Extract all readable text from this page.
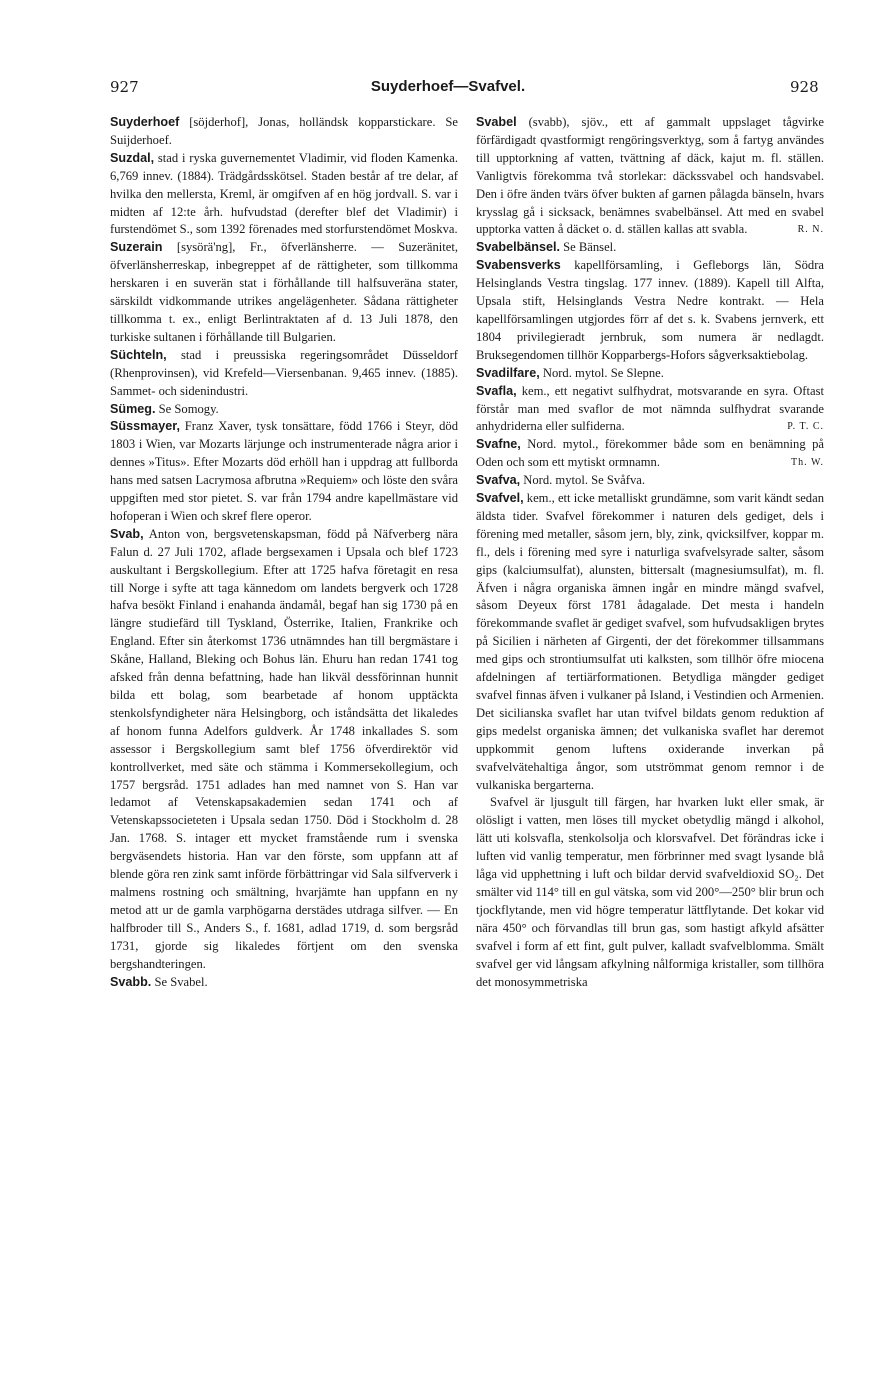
927	Suyderhoef—Svafvel.	928

Suyderhoef [söjderhof], Jonas, holländsk kopparstickare. Se Suijderhoef.

Suzdal, stad i ryska guvernementet Vladimir, vid floden Kamenka. 6,769 innev. (1884). Trädgårdsskötsel. Staden består af tre delar, af hvilka den mellersta, Kreml, är omgifven af en hög jordvall. S. var i midten af 12:te årh. hufvudstad (derefter blef det Vladimir) i furstendömet S., som 1392 förenades med storfurstendömet Moskva.

Suzerain [sysörä'ng], Fr., öfverlänsherre. — Suzeränitet, öfverlänsherreskap, inbegreppet af de rättigheter, som tillkomma herskaren i en suverän stat i förhållande till halfsuveräna stater, särskildt vidkommande utrikes angelägenheter. Sådana rättigheter tillkomma t. ex., enligt Berlintraktaten af d. 13 Juli 1878, den turkiske sultanen i förhållande till Bulgarien.

Süchteln, stad i preussiska regeringsområdet Düsseldorf (Rhenprovinsen), vid Krefeld—Viersenbanan. 9,465 innev. (1885). Sammet- och sidenindustri.

Sümeg. Se Somogy.

Süssmayer, Franz Xaver, tysk tonsättare, född 1766 i Steyr, död 1803 i Wien, var Mozarts lärjunge och instrumenterade några arior i dennes »Titus». Efter Mozarts död erhöll han i uppdrag att fullborda hans med satsen Lacrymosa afbrutna »Requiem» och löste den svåra uppgiften med stor pietet. S. var från 1794 andre kapellmästare vid hofoperan i Wien och skref flere operor.

Svab, Anton von, bergsvetenskapsman, född på Näfverberg nära Falun d. 27 Juli 1702, aflade bergsexamen i Upsala och blef 1723 auskultant i Bergskollegium. Efter att 1725 hafva företagit en resa till Norge i syfte att taga kännedom om landets bergverk och 1728 hafva besökt Finland i enahanda ändamål, begaf han sig 1730 på en längre studiefärd till Tyskland, Österrike, Italien, Frankrike och England. Efter sin återkomst 1736 utnämndes han till bergmästare i Skåne, Halland, Bleking och Bohus län. Ehuru han redan 1741 tog afsked från denna befattning, hade han likväl dessförinnan hunnit bilda ett bolag, som bearbetade af honom upptäckta stenkolsfyndigheter nära Helsingborg, och iståndsätta det likaledes af honom funna Adelfors guldverk. År 1748 inkallades S. som assessor i Bergskollegium samt blef 1756 öfverdirektör vid kontrollverket, med säte och stämma i Kommersekollegium, och 1757 bergsråd. 1751 adlades han med namnet von S. Han var ledamot af Vetenskapsakademien sedan 1741 och af Vetenskapssocieteten i Upsala sedan 1750. Död i Stockholm d. 28 Jan. 1768. S. intager ett mycket framstående rum i svenska bergväsendets historia. Han var den förste, som uppfann att af blende göra ren zink samt införde förbättringar vid Sala silfververk i malmens rostning och smältning, hvarjämte han uppfann en ny metod att ur de gamla varphögarna derstädes utdraga silfver. — En halfbroder till S., Anders S., f. 1681, adlad 1719, d. som bergsråd 1731, gjorde sig likaledes förtjent om den svenska bergshandteringen.

Svabb. Se Svabel.

Svabel (svabb), sjöv., ett af gammalt uppslaget tågvirke förfärdigadt qvastformigt rengöringsverktyg, som å fartyg användes till upptorkning af vatten, tvättning af däck, kajut m. fl. ställen. Vanligtvis förekomma två storlekar: däckssvabel och handsvabel. Den i öfre änden tvärs öfver bukten af garnen pålagda bänseln, hvars krysslag gå i sicksack, benämnes svabelbänsel. Att med en svabel upptorka vatten å däcket o. d. ställen kallas att svabla.	R. N.

Svabelbänsel. Se Bänsel.

Svabensverks kapellförsamling, i Gefleborgs län, Södra Helsinglands Vestra tingslag. 177 innev. (1889). Kapell till Alfta, Upsala stift, Helsinglands Vestra Nedre kontrakt. — Hela kapellförsamlingen utgjordes förr af det s. k. Svabens jernverk, ett 1804 privilegieradt jernbruk, som numera är nedlagdt. Bruksegendomen tillhör Kopparbergs-Hofors sågverksaktiebolag.

Svadilfare, Nord. mytol. Se Slepne.

Svafla, kem., ett negativt sulfhydrat, motsvarande en syra. Oftast förstår man med svaflor de mot nämnda sulfhydrat svarande anhydriderna eller sulfiderna.	P. T. C.

Svafne, Nord. mytol., förekommer både som en benämning på Oden och som ett mytiskt ormnamn.	Th. W.

Svafva, Nord. mytol. Se Svåfva.

Svafvel, kem., ett icke metalliskt grundämne, som varit kändt sedan äldsta tider. Svafvel förekommer i naturen dels gediget, dels i förening med metaller, såsom jern, bly, zink, qvicksilfver, koppar m. fl., dels i förening med syre i naturliga svafvelsyrade salter, såsom gips (kalciumsulfat), alunsten, bittersalt (magnesiumsulfat), m. fl. Äfven i några organiska ämnen ingår en mindre mängd svafvel, såsom Deyeux först 1781 ådagalade. Det mesta i handeln förekommande svaflet är gediget svafvel, som hufvudsakligen brytes på Sicilien i närheten af Girgenti, der det förekommer tillsammans med gips och strontiumsulfat uti kalksten, som tillhör öfre miocena afdelningen af tertiärformationen. Betydliga mängder gediget svafvel finnas äfven i vulkaner på Island, i Vestindien och Armenien. Det sicilianska svaflet har utan tvifvel bildats genom reduktion af gips medelst organiska ämnen; det vulkaniska svaflet har deremot uppkommit genom luftens oxiderande inverkan på svafvelvätehaltiga ångor, som utströmmat genom remnor i de vulkaniska bergarterna.

Svafvel är ljusgult till färgen, har hvarken lukt eller smak, är olösligt i vatten, men löses till mycket obetydlig mängd i alkohol, lätt uti kolsvafla, stenkolsolja och klorsvafvel. Det förändras icke i luften vid vanlig temperatur, men förbrinner med svagt lysande blå låga vid upphettning i luft och bildar dervid svafveldioxid SO₂. Det smälter vid 114° till en gul vätska, som vid 200°—250° blir brun och tjockflytande, men vid högre temperatur lättflytande. Det kokar vid nära 450° och förvandlas till brun gas, som hastigt afkyld afsätter svafvel i form af ett fint, gult pulver, kalladt svafvelblomma. Smält svafvel ger vid långsam afkylning nålformiga kristaller, som tillhöra det monosymmetriska
